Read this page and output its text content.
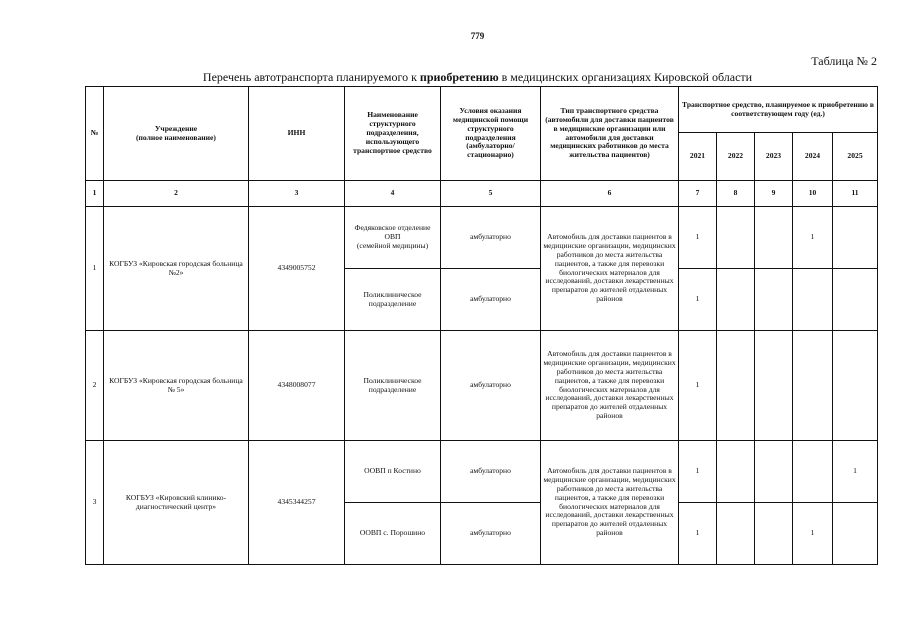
779
Таблица № 2
Перечень автотранспорта планируемого к приобретению в медицинских организациях Кировской области
№	Учреждение
(полное наименование)	ИНН	Наименование структурного подразделения, использующего транспортное средство	Условия оказания медицинской помощи структурного подразделения (амбулаторно/ стационарно)	Тип транспортного средства (автомобили для доставки пациентов в медицинские организации или автомобили для доставки медицинских работников до места жительства пациентов)	Транспортное средство, планируемое к приобретению в соответствующем году (ед.)				
						2021	2022	2023	2024	2025
1	2	3	4	5	6	7	8	9	10	11
1	КОГБУЗ «Кировская городская больница №2»	4349005752	Федяковское отделение ОВП
(семейной медицины)	амбулаторно	Автомобиль для доставки пациентов в медицинские организации, медицинских работников до места жительства пациентов, а также для перевозки биологических материалов для исследований, доставки лекарственных препаратов до жителей отдаленных районов	1			1	
			Поликлиническое подразделение	амбулаторно		1				
2	КОГБУЗ «Кировская городская больница № 5»	4348008077	Поликлиническое подразделение	амбулаторно	Автомобиль для доставки пациентов в медицинские организации, медицинских работников до места жительства пациентов, а также для перевозки биологических материалов для исследований, доставки лекарственных препаратов до жителей отдаленных районов	1				
3	КОГБУЗ «Кировский клинико-диагностический центр»	4345344257	ООВП п Костино	амбулаторно	Автомобиль для доставки пациентов в медицинские организации, медицинских работников до места жительства пациентов, а также для перевозки биологических материалов для исследований, доставки лекарственных препаратов до жителей отдаленных районов	1				1
			ООВП с. Порошино	амбулаторно		1			1	
